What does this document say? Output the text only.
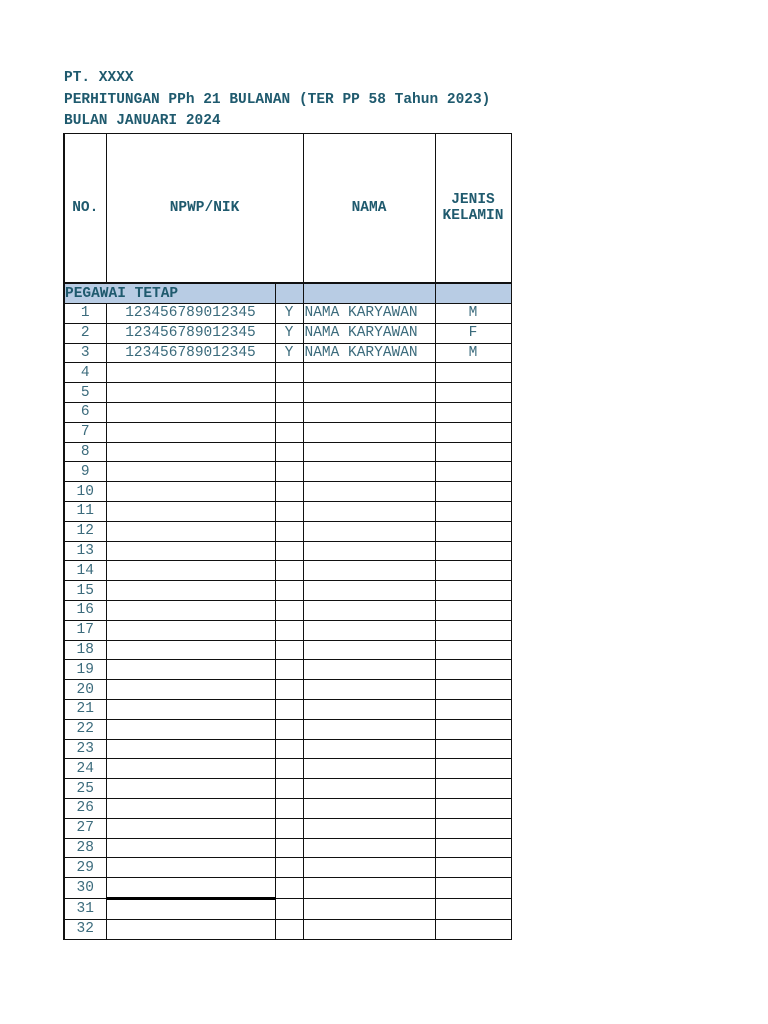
PT. XXXX
PERHITUNGAN PPh 21 BULANAN (TER PP 58 Tahun 2023)
BULAN JANUARI 2024
NO.	NPWP/NIK		NAMA	JENIS
KELAMIN
PEGAWAI TETAP				
1	123456789012345	Y	NAMA KARYAWAN	M
2	123456789012345	Y	NAMA KARYAWAN	F
3	123456789012345	Y	NAMA KARYAWAN	M
4				
5				
6				
7				
8				
9				
10				
11				
12				
13				
14				
15				
16				
17				
18				
19				
20				
21				
22				
23				
24				
25				
26				
27				
28				
29				
30				
31				
32				
